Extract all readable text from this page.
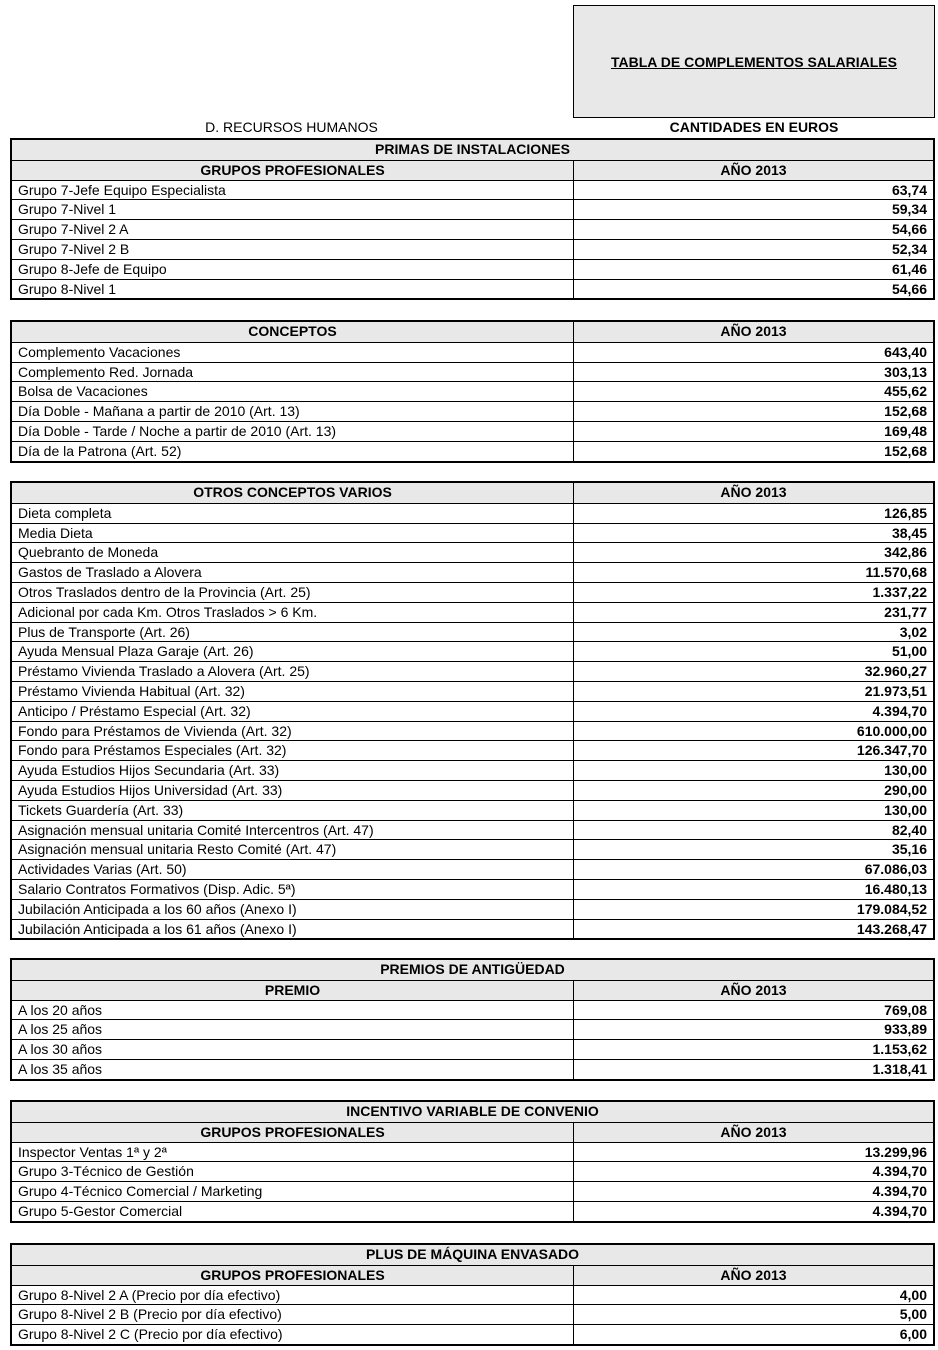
TABLA DE COMPLEMENTOS SALARIALES
D. RECURSOS HUMANOS	CANTIDADES EN EUROS
PRIMAS DE INSTALACIONES
GRUPOS PROFESIONALES	AÑO 2013
Grupo 7-Jefe Equipo Especialista	63,74
Grupo 7-Nivel 1	59,34
Grupo 7-Nivel 2 A	54,66
Grupo 7-Nivel 2 B	52,34
Grupo 8-Jefe de Equipo	61,46
Grupo 8-Nivel 1	54,66
CONCEPTOS	AÑO 2013
Complemento Vacaciones	643,40
Complemento Red. Jornada	303,13
Bolsa de Vacaciones	455,62
Día Doble - Mañana a partir de 2010 (Art. 13)	152,68
Día Doble - Tarde / Noche a partir de 2010 (Art. 13)	169,48
Día de la Patrona (Art. 52)	152,68
OTROS CONCEPTOS VARIOS	AÑO 2013
Dieta completa	126,85
Media Dieta	38,45
Quebranto de Moneda	342,86
Gastos de Traslado a Alovera	11.570,68
Otros Traslados dentro de la Provincia (Art. 25)	1.337,22
Adicional por cada Km. Otros Traslados > 6 Km.	231,77
Plus de Transporte (Art. 26)	3,02
Ayuda Mensual Plaza Garaje (Art. 26)	51,00
Préstamo Vivienda Traslado a Alovera (Art. 25)	32.960,27
Préstamo Vivienda Habitual (Art. 32)	21.973,51
Anticipo / Préstamo Especial (Art. 32)	4.394,70
Fondo para Préstamos de Vivienda (Art. 32)	610.000,00
Fondo para Préstamos Especiales (Art. 32)	126.347,70
Ayuda Estudios Hijos Secundaria (Art. 33)	130,00
Ayuda Estudios Hijos Universidad (Art. 33)	290,00
Tickets Guardería (Art. 33)	130,00
Asignación mensual unitaria Comité Intercentros (Art. 47)	82,40
Asignación mensual unitaria Resto Comité (Art. 47)	35,16
Actividades Varias (Art. 50)	67.086,03
Salario Contratos Formativos (Disp. Adic. 5ª)	16.480,13
Jubilación Anticipada a los 60 años (Anexo I)	179.084,52
Jubilación Anticipada a los 61 años (Anexo I)	143.268,47
PREMIOS DE ANTIGÜEDAD
PREMIO	AÑO 2013
A los 20 años	769,08
A los 25 años	933,89
A los 30 años	1.153,62
A los 35 años	1.318,41
INCENTIVO VARIABLE DE CONVENIO
GRUPOS PROFESIONALES	AÑO 2013
Inspector Ventas 1ª y 2ª	13.299,96
Grupo 3-Técnico de Gestión	4.394,70
Grupo 4-Técnico Comercial / Marketing	4.394,70
Grupo 5-Gestor Comercial	4.394,70
PLUS DE MÁQUINA ENVASADO
GRUPOS PROFESIONALES	AÑO 2013
Grupo 8-Nivel 2 A (Precio por día efectivo)	4,00
Grupo 8-Nivel 2 B (Precio por día efectivo)	5,00
Grupo 8-Nivel 2 C (Precio por día efectivo)	6,00
